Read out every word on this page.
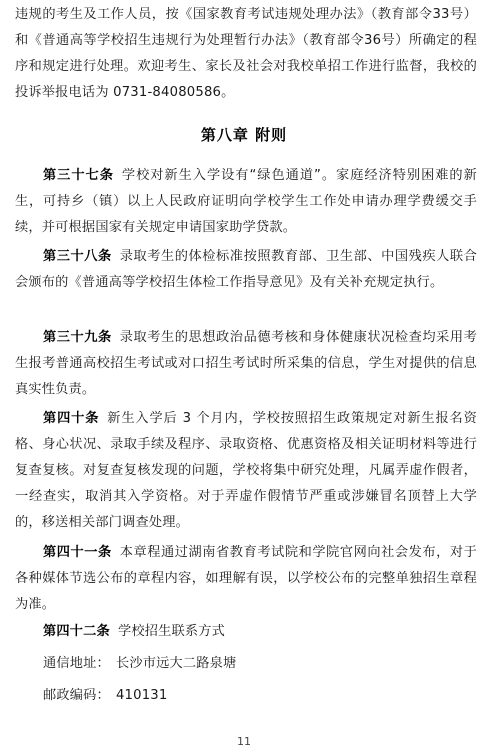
违规的考生及工作人员，按《国家教育考试违规处理办法》（教育部令33号）和《普通高等学校招生违规行为处理暂行办法》（教育部令36号）所确定的程序和规定进行处理。欢迎考生、家长及社会对我校单招工作进行监督，我校的投诉举报电话为 0731-84080586。
第八章 附则
第三十七条 学校对新生入学设有“绿色通道”。家庭经济特别困难的新生，可持乡（镇）以上人民政府证明向学校学生工作处申请办理学费缓交手续，并可根据国家有关规定申请国家助学贷款。
第三十八条 录取考生的体检标准按照教育部、卫生部、中国残疾人联合会颁布的《普通高等学校招生体检工作指导意见》及有关补充规定执行。
第三十九条 录取考生的思想政治品德考核和身体健康状况检查均采用考生报考普通高校招生考试或对口招生考试时所采集的信息，学生对提供的信息真实性负责。
第四十条 新生入学后 3 个月内，学校按照招生政策规定对新生报名资格、身心状况、录取手续及程序、录取资格、优惠资格及相关证明材料等进行复查复核。对复查复核发现的问题，学校将集中研究处理，凡属弄虚作假者，一经查实，取消其入学资格。对于弄虚作假情节严重或涉嫌冒名顶替上大学的，移送相关部门调查处理。
第四十一条 本章程通过湖南省教育考试院和学院官网向社会发布，对于各种媒体节选公布的章程内容，如理解有误，以学校公布的完整单独招生章程为准。
第四十二条 学校招生联系方式
通信地址： 长沙市远大二路泉塘
邮政编码： 410131
11
